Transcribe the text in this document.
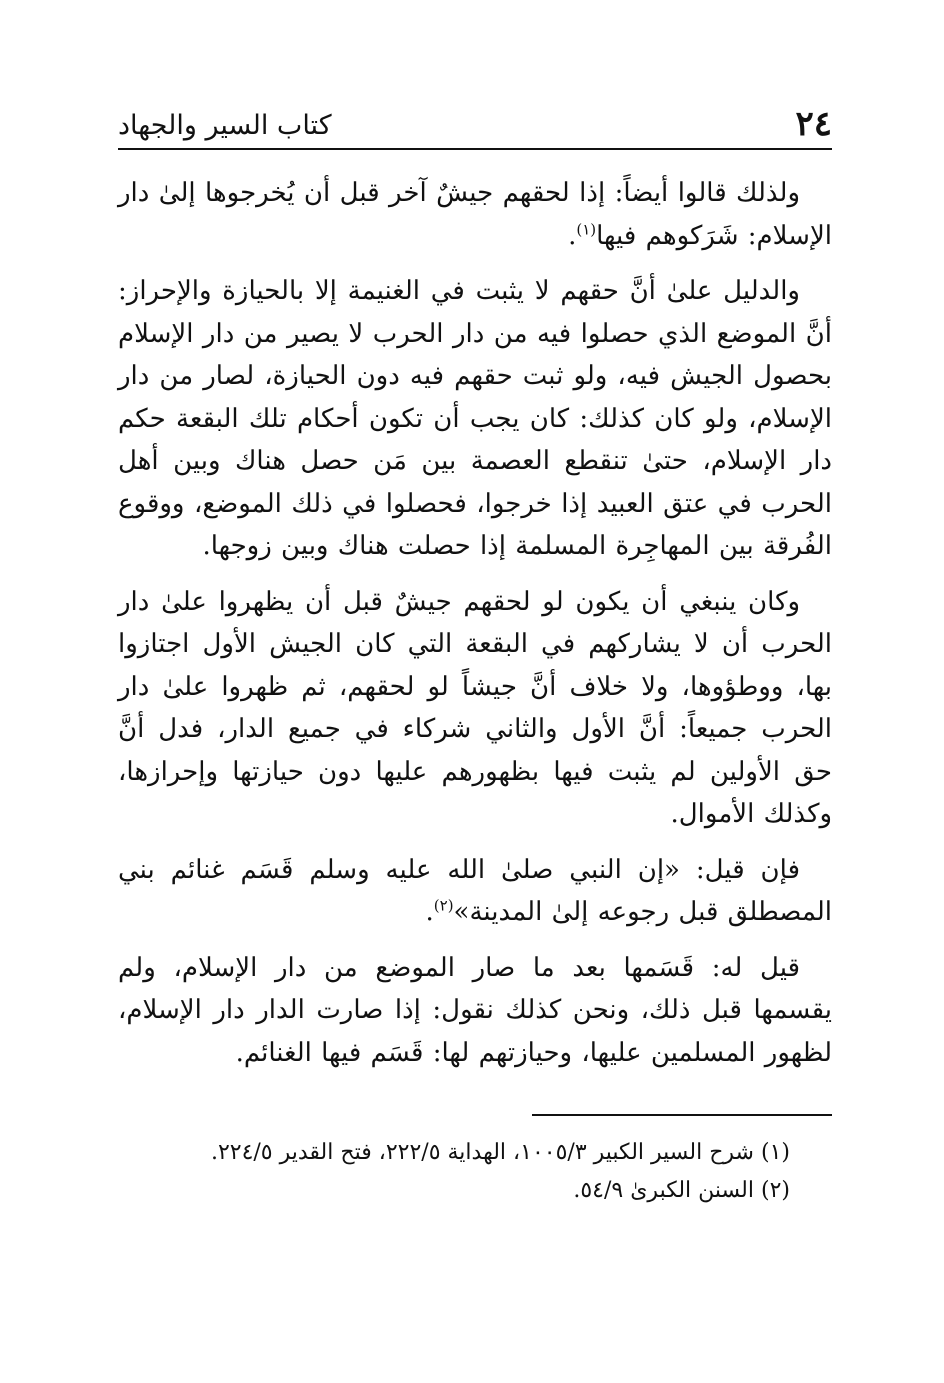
٢٤
كتاب السير والجهاد

ولذلك قالوا أيضاً: إذا لحقهم جيشٌ آخر قبل أن يُخرجوها إلىٰ دار الإسلام: شَرَكوهم فيها$^{(١)}$.

والدليل علىٰ أنَّ حقهم لا يثبت في الغنيمة إلا بالحيازة والإحراز: أنَّ الموضع الذي حصلوا فيه من دار الحرب لا يصير من دار الإسلام بحصول الجيش فيه، ولو ثبت حقهم فيه دون الحيازة، لصار من دار الإسلام، ولو كان كذلك: كان يجب أن تكون أحكام تلك البقعة حكم دار الإسلام، حتىٰ تنقطع العصمة بين مَن حصل هناك وبين أهل الحرب في عتق العبيد إذا خرجوا، فحصلوا في ذلك الموضع، ووقوع الفُرقة بين المهاجِرة المسلمة إذا حصلت هناك وبين زوجها.

وكان ينبغي أن يكون لو لحقهم جيشٌ قبل أن يظهروا علىٰ دار الحرب أن لا يشاركهم في البقعة التي كان الجيش الأول اجتازوا بها، ووطؤوها، ولا خلاف أنَّ جيشاً لو لحقهم، ثم ظهروا علىٰ دار الحرب جميعاً: أنَّ الأول والثاني شركاء في جميع الدار، فدل أنَّ حق الأولين لم يثبت فيها بظهورهم عليها دون حيازتها وإحرازها، وكذلك الأموال.

فإن قيل: «إن النبي صلىٰ الله عليه وسلم قَسَم غنائم بني المصطلق قبل رجوعه إلىٰ المدينة»$^{(٢)}$.

قيل له: قَسَمها بعد ما صار الموضع من دار الإسلام، ولم يقسمها قبل ذلك، ونحن كذلك نقول: إذا صارت الدار دار الإسلام، لظهور المسلمين عليها، وحيازتهم لها: قَسَم فيها الغنائم.

(١) شرح السير الكبير ١٠٠٥/٣، الهداية ٢٢٢/٥، فتح القدير ٢٢٤/٥.

(٢) السنن الكبرىٰ ٥٤/٩.
